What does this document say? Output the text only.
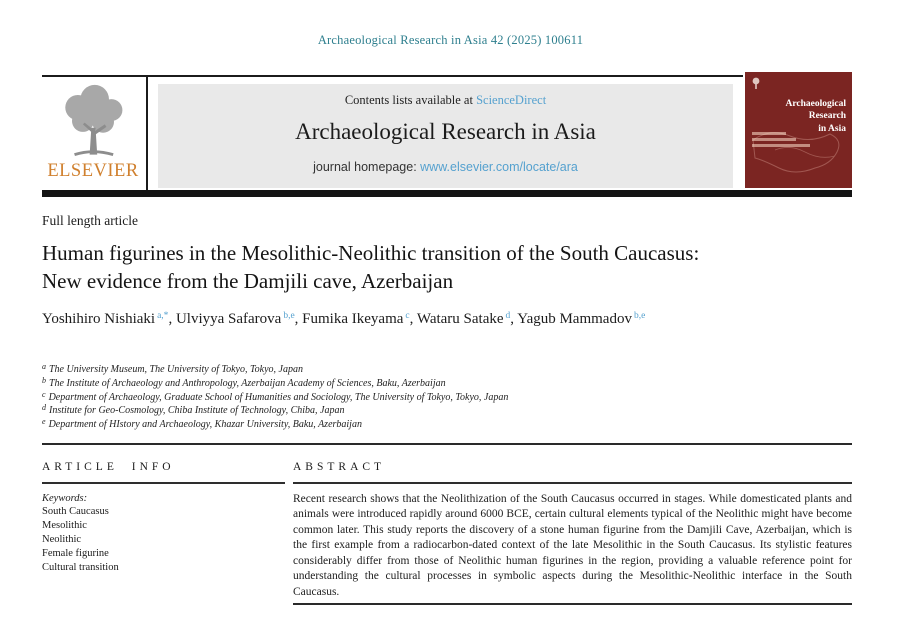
Archaeological Research in Asia 42 (2025) 100611
ELSEVIER
Contents lists available at ScienceDirect
Archaeological Research in Asia
journal homepage: www.elsevier.com/locate/ara
Archaeological Research
in Asia
Full length article
Human figurines in the Mesolithic-Neolithic transition of the South Caucasus: New evidence from the Damjili cave, Azerbaijan
Yoshihiro Nishiaki $^{a,*}$, Ulviyya Safarova $^{b,e}$, Fumika Ikeyama $^c$, Wataru Satake $^d$, Yagub Mammadov $^{b,e}$
$^a$ The University Museum, The University of Tokyo, Tokyo, Japan
$^b$ The Institute of Archaeology and Anthropology, Azerbaijan Academy of Sciences, Baku, Azerbaijan
$^c$ Department of Archaeology, Graduate School of Humanities and Sociology, The University of Tokyo, Tokyo, Japan
$^d$ Institute for Geo-Cosmology, Chiba Institute of Technology, Chiba, Japan
$^e$ Department of HIstory and Archaeology, Khazar University, Baku, Azerbaijan
ARTICLE INFO
Keywords:
South Caucasus
Mesolithic
Neolithic
Female figurine
Cultural transition
ABSTRACT
Recent research shows that the Neolithization of the South Caucasus occurred in stages. While domesticated plants and animals were introduced rapidly around 6000 BCE, certain cultural elements typical of the Neolithic might have become common later. This study reports the discovery of a stone human figurine from the Damjili Cave, Azerbaijan, which is the first example from a radiocarbon-dated context of the late Mesolithic in the South Caucasus. Its stylistic features considerably differ from those of Neolithic human figurines in the region, providing a valuable reference point for understanding the cultural processes in symbolic aspects during the Mesolithic-Neolithic interface in the South Caucasus.
